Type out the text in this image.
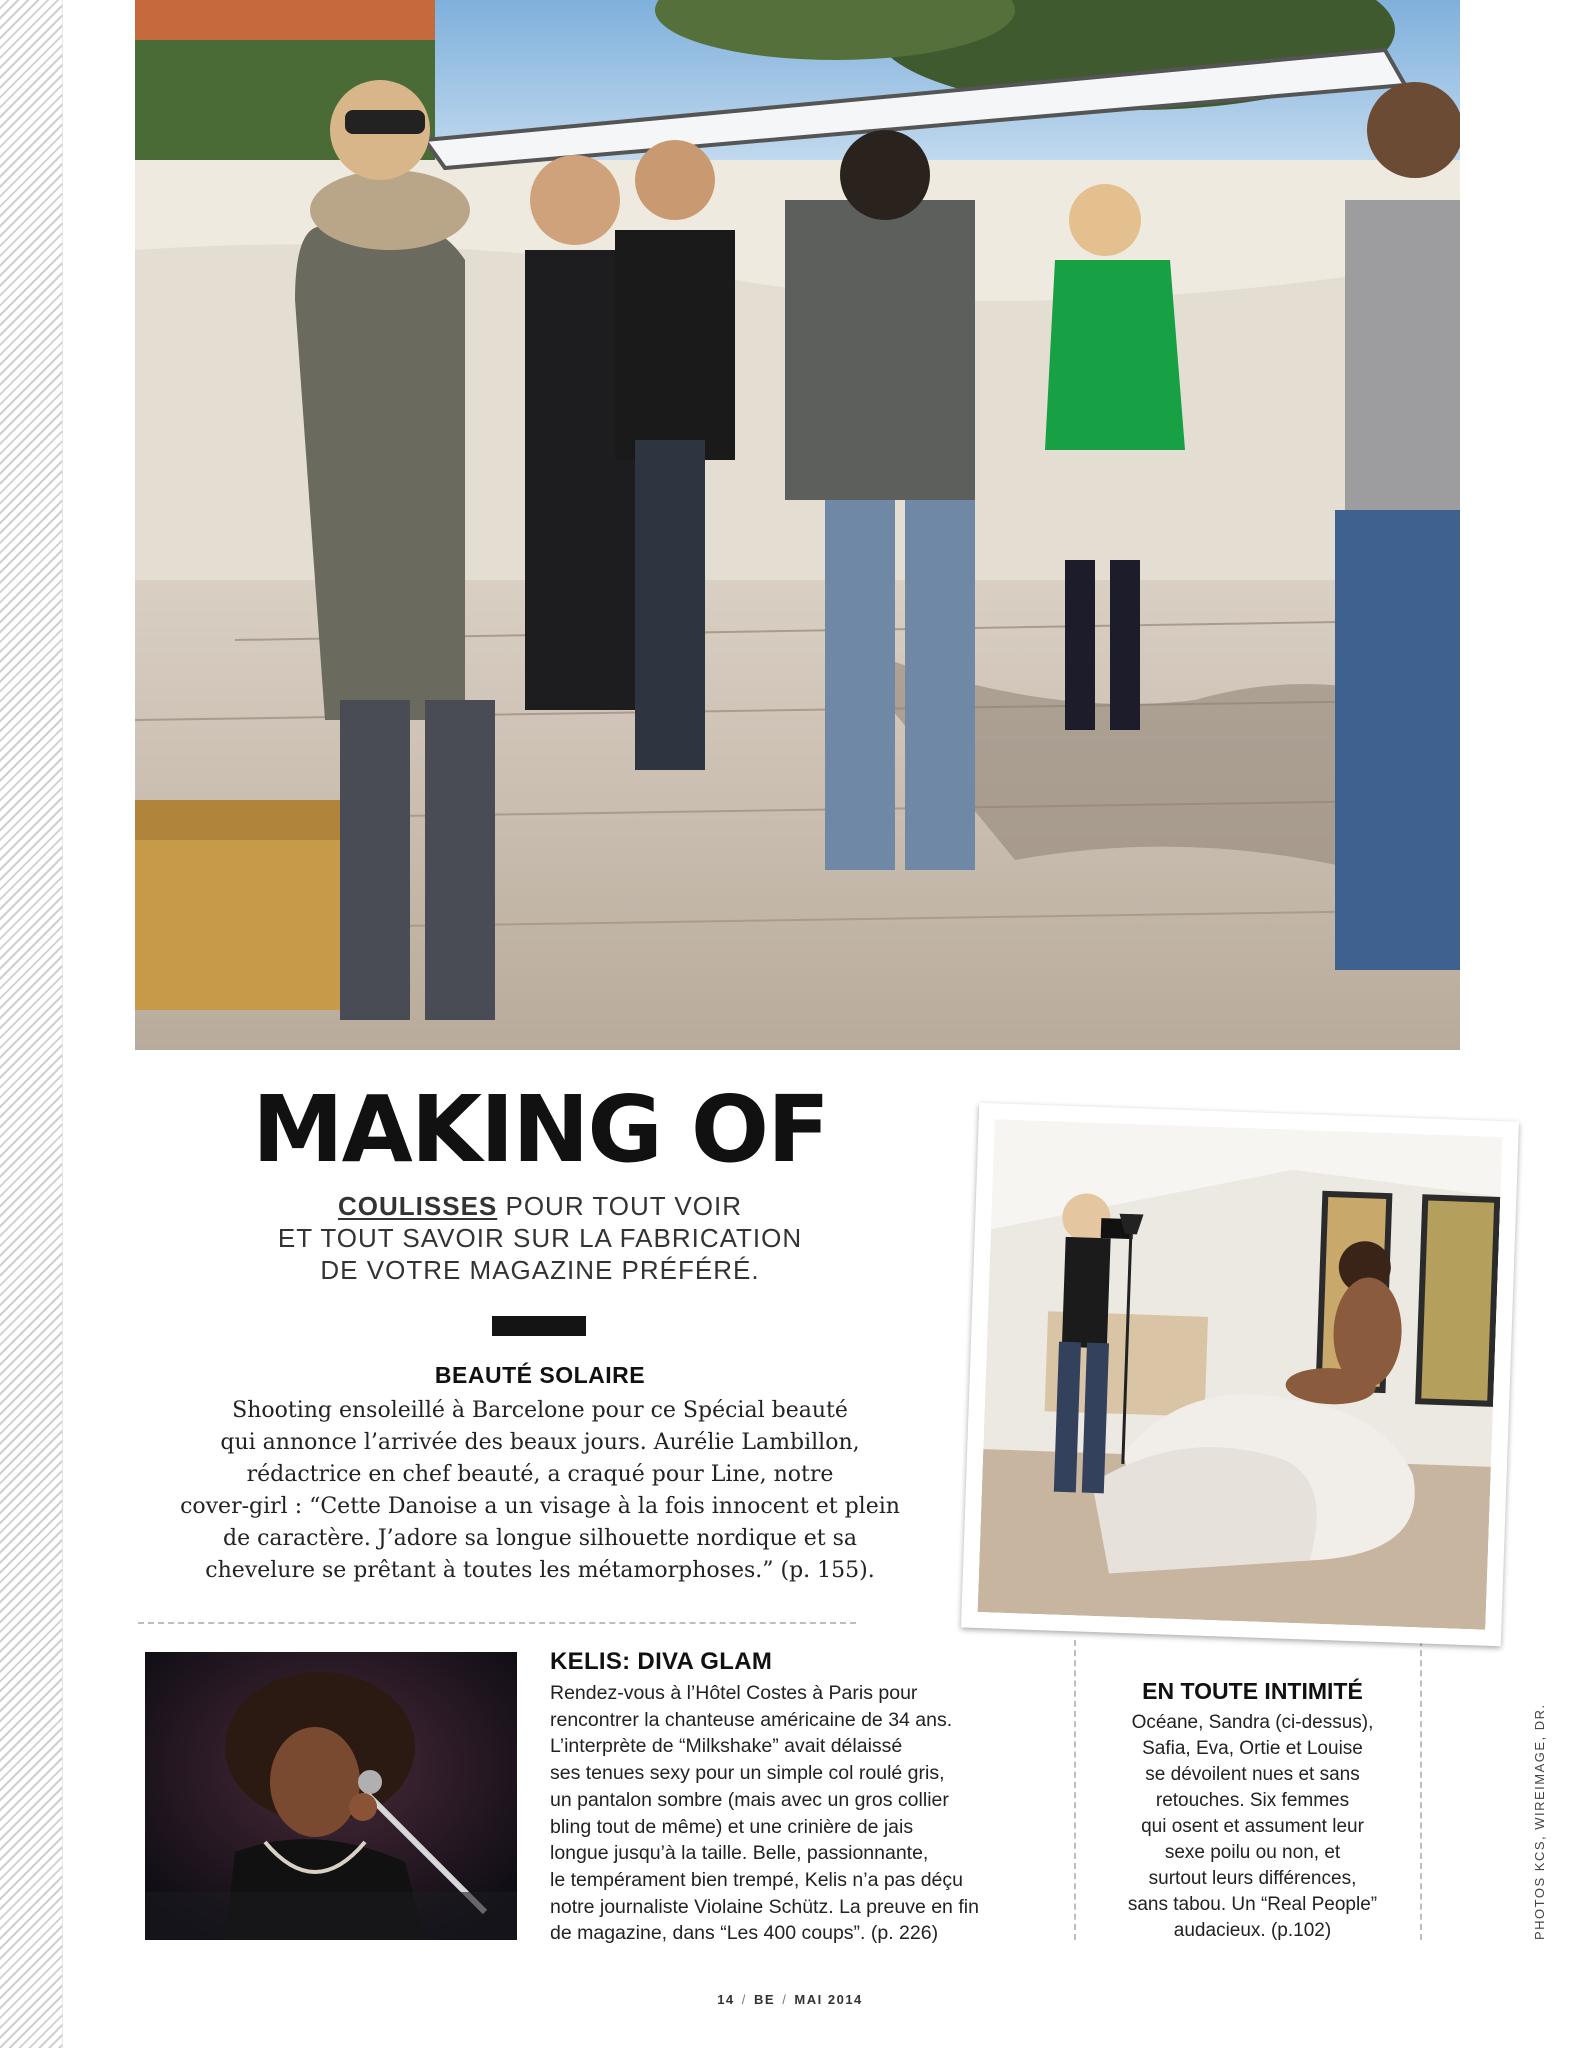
MAKING OF
COULISSES POUR TOUT VOIR
ET TOUT SAVOIR SUR LA FABRICATION
DE VOTRE MAGAZINE PRÉFÉRÉ.
BEAUTÉ SOLAIRE
Shooting ensoleillé à Barcelone pour ce Spécial beauté
qui annonce l’arrivée des beaux jours. Aurélie Lambillon,
rédactrice en chef beauté, a craqué pour Line, notre
cover-girl : “Cette Danoise a un visage à la fois innocent et plein
de caractère. J’adore sa longue silhouette nordique et sa
chevelure se prêtant à toutes les métamorphoses.” (p. 155).
KELIS: DIVA GLAM
Rendez-vous à l’Hôtel Costes à Paris pour
rencontrer la chanteuse américaine de 34 ans.
L’interprète de “Milkshake” avait délaissé
ses tenues sexy pour un simple col roulé gris,
un pantalon sombre (mais avec un gros collier
bling tout de même) et une crinière de jais
longue jusqu’à la taille. Belle, passionnante,
le tempérament bien trempé, Kelis n’a pas déçu
notre journaliste Violaine Schütz. La preuve en fin
de magazine, dans “Les 400 coups”. (p. 226)
EN TOUTE INTIMITÉ
Océane, Sandra (ci-dessus),
Safia, Eva, Ortie et Louise
se dévoilent nues et sans
retouches. Six femmes
qui osent et assument leur
sexe poilu ou non, et
surtout leurs différences,
sans tabou. Un “Real People”
audacieux. (p.102)	PHOTOS KCS, WIREIMAGE, DR.
14 / BE / MAI 2014
